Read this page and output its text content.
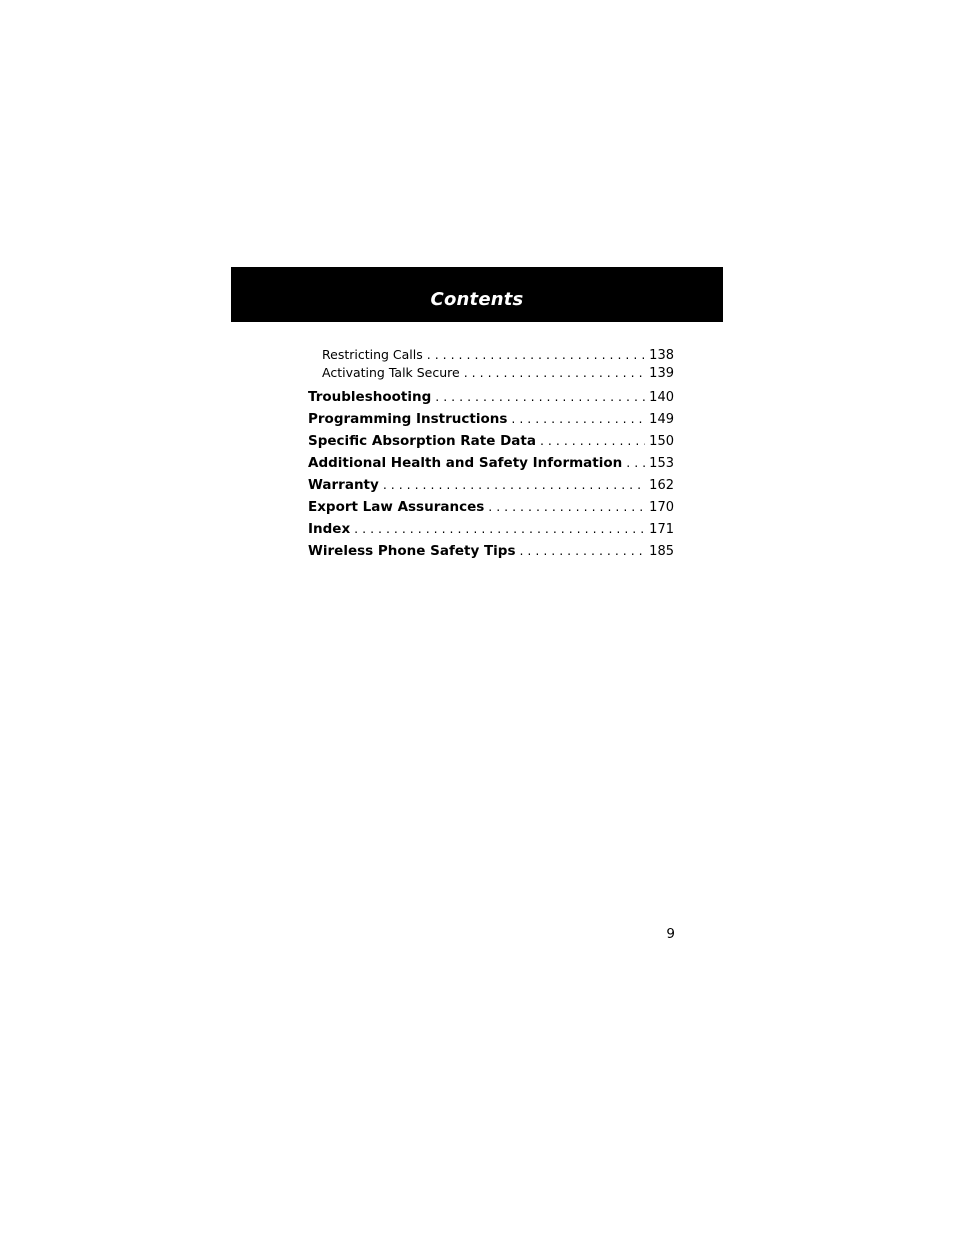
Contents
Restricting Calls . . .	138
Activating Talk Secure . . .	139
Troubleshooting . . .	140
Programming Instructions . . .	149
Specific Absorption Rate Data . . .	150
Additional Health and Safety Information . . . 153
Warranty . . .	162
Export Law Assurances . . .	170
Index . . .	171
Wireless Phone Safety Tips . . .	185
9
